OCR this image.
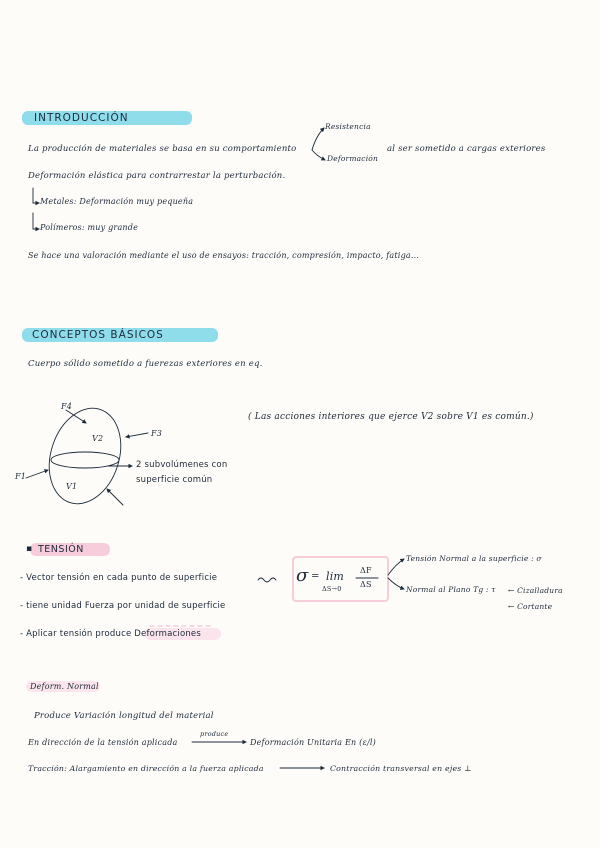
INTRODUCCIÓN
La producción de materiales se basa en su comportamiento
Resistencia
Deformación
al ser sometido a cargas exteriores
Deformación elástica para contrarrestar la perturbación.
Metales: Deformación muy pequeña
Polímeros: muy grande
Se hace una valoración mediante el uso de ensayos: tracción, compresión, impacto, fatiga...
CONCEPTOS BÁSICOS
Cuerpo sólido sometido a fuerezas exteriores en eq.
F4
F3
V2
F1
V1
2 subvolúmenes con
superficie común
( Las acciones interiores que ejerce V2 sobre V1 es común.)
▪ TENSIÓN
- Vector tensión en cada punto de superficie
- tiene unidad Fuerza por unidad de superficie
- Aplicar tensión produce Deformaciones
σ = lim
ΔS→0
ΔF
ΔS
Tensión Normal a la superficie : σ
Normal al Plano Tg : τ ← Cizalladura
← Cortante
Deform. Normal
Produce Variación longitud del material
En dirección de la tensión aplicada
produce
Deformación Unitaria En (ε/l)
Tracción: Alargamiento en dirección a la fuerza aplicada	Contracción transversal en ejes ⊥
